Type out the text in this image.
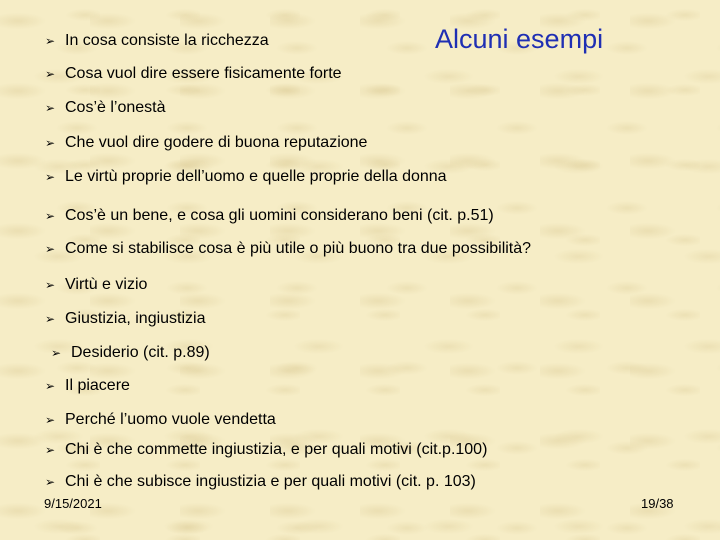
Alcuni esempi
➢ In cosa consiste la ricchezza
➢ Cosa vuol dire essere fisicamente forte
➢ Cos’è l’onestà
➢ Che vuol dire godere di buona reputazione
➢ Le virtù proprie dell’uomo e quelle proprie della donna
➢ Cos’è un bene, e cosa gli uomini considerano beni (cit. p.51)
➢ Come si stabilisce cosa è più utile o più buono tra due possibilità?
➢ Virtù e vizio
➢ Giustizia, ingiustizia
➢ Desiderio (cit. p.89)
➢ Il piacere
➢ Perché l’uomo vuole vendetta
➢ Chi è che commette ingiustizia, e per quali motivi (cit.p.100)
➢ Chi è che subisce ingiustizia e per quali motivi (cit. p. 103)
9/15/2021	19/38
